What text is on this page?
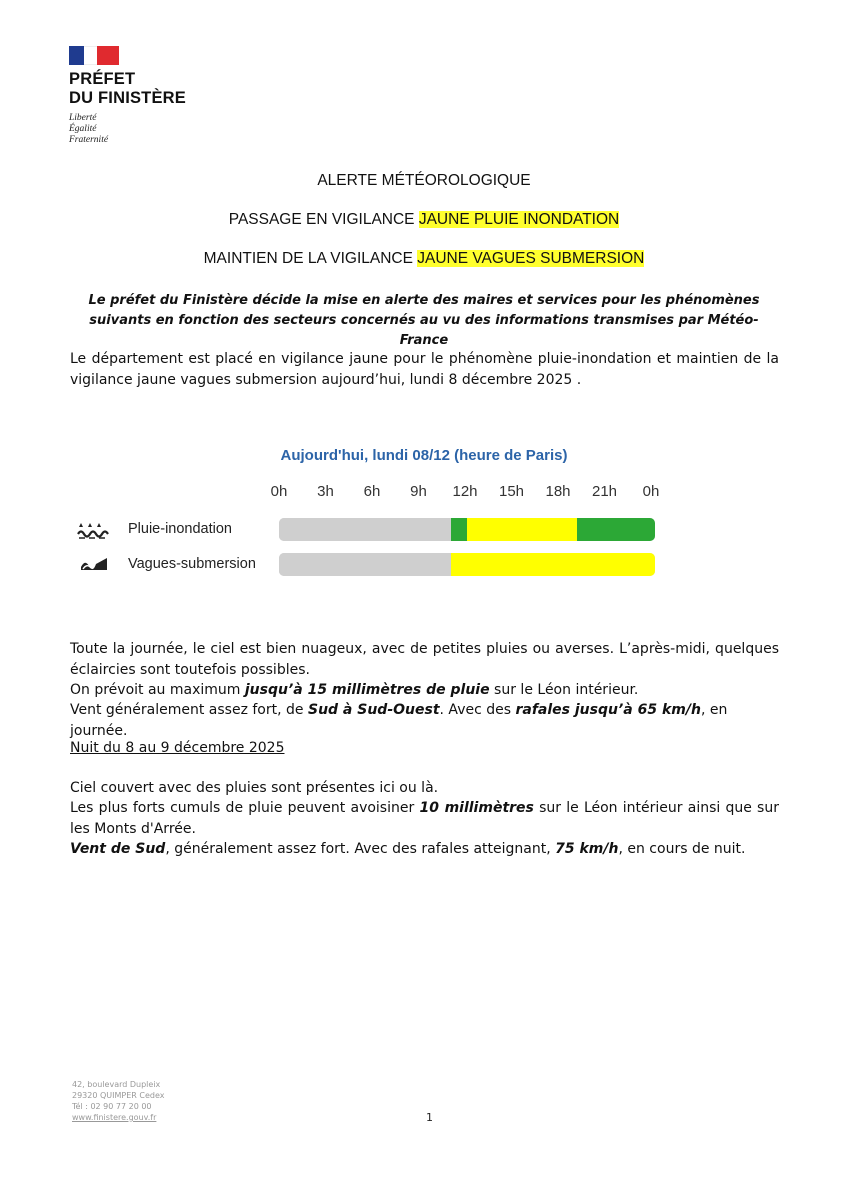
PRÉFET
DU FINISTÈRE
Liberté
Égalité
Fraternité
ALERTE MÉTÉOROLOGIQUE
PASSAGE EN VIGILANCE JAUNE PLUIE INONDATION
MAINTIEN DE LA VIGILANCE JAUNE VAGUES SUBMERSION
Le préfet du Finistère décide la mise en alerte des maires et services pour les phénomènes suivants en fonction des secteurs concernés au vu des informations transmises par Météo-France
Le département est placé en vigilance jaune pour le phénomène pluie-inondation et maintien de la vigilance jaune vagues submersion aujourd’hui, lundi 8 décembre 2025 .
Aujourd'hui, lundi 08/12 (heure de Paris)
0h	3h	6h	9h	12h	15h	18h	21h	0h
Pluie-inondation
Vagues-submersion
Toute la journée, le ciel est bien nuageux, avec de petites pluies ou averses. L’après-midi, quelques éclaircies sont toutefois possibles.
On prévoit au maximum jusqu’à 15 millimètres de pluie sur le Léon intérieur.
Vent généralement assez fort, de Sud à Sud-Ouest. Avec des rafales jusqu’à 65 km/h, en journée.
Nuit du 8 au 9 décembre 2025
Ciel couvert avec des pluies sont présentes ici ou là.
Les plus forts cumuls de pluie peuvent avoisiner 10 millimètres sur le Léon intérieur ainsi que sur les Monts d'Arrée.
Vent de Sud, généralement assez fort. Avec des rafales atteignant, 75 km/h, en cours de nuit.
42, boulevard Dupleix
29320 QUIMPER Cedex
Tél : 02 90 77 20 00
www.finistere.gouv.fr	1
